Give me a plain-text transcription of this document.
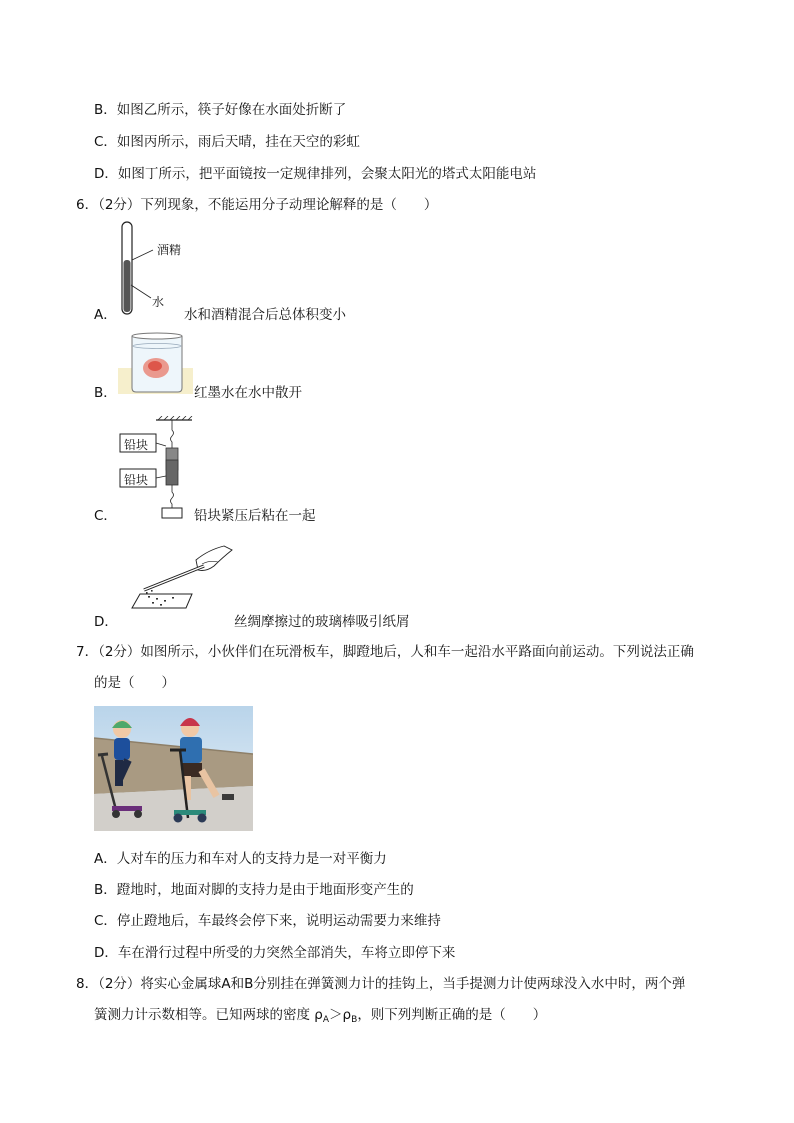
B．如图乙所示，筷子好像在水面处折断了
C．如图丙所示，雨后天晴，挂在天空的彩虹
D．如图丁所示，把平面镜按一定规律排列，会聚太阳光的塔式太阳能电站
6．（2分）下列现象，不能运用分子动理论解释的是（　　）
A．
酒精
水
水和酒精混合后总体积变小
B．	红墨水在水中散开
C．
铅块
铅块
铅块紧压后粘在一起
D．	丝绸摩擦过的玻璃棒吸引纸屑
7．（2分）如图所示，小伙伴们在玩滑板车，脚蹬地后，人和车一起沿水平路面向前运动。下列说法正确
的是（　　）
A．人对车的压力和车对人的支持力是一对平衡力
B．蹬地时，地面对脚的支持力是由于地面形变产生的
C．停止蹬地后，车最终会停下来，说明运动需要力来维持
D．车在滑行过程中所受的力突然全部消失，车将立即停下来
8．（2分）将实心金属球A和B分别挂在弹簧测力计的挂钩上，当手提测力计使两球没入水中时，两个弹
簧测力计示数相等。已知两球的密度 $\rho_A>\rho_B$，则下列判断正确的是（　　）
